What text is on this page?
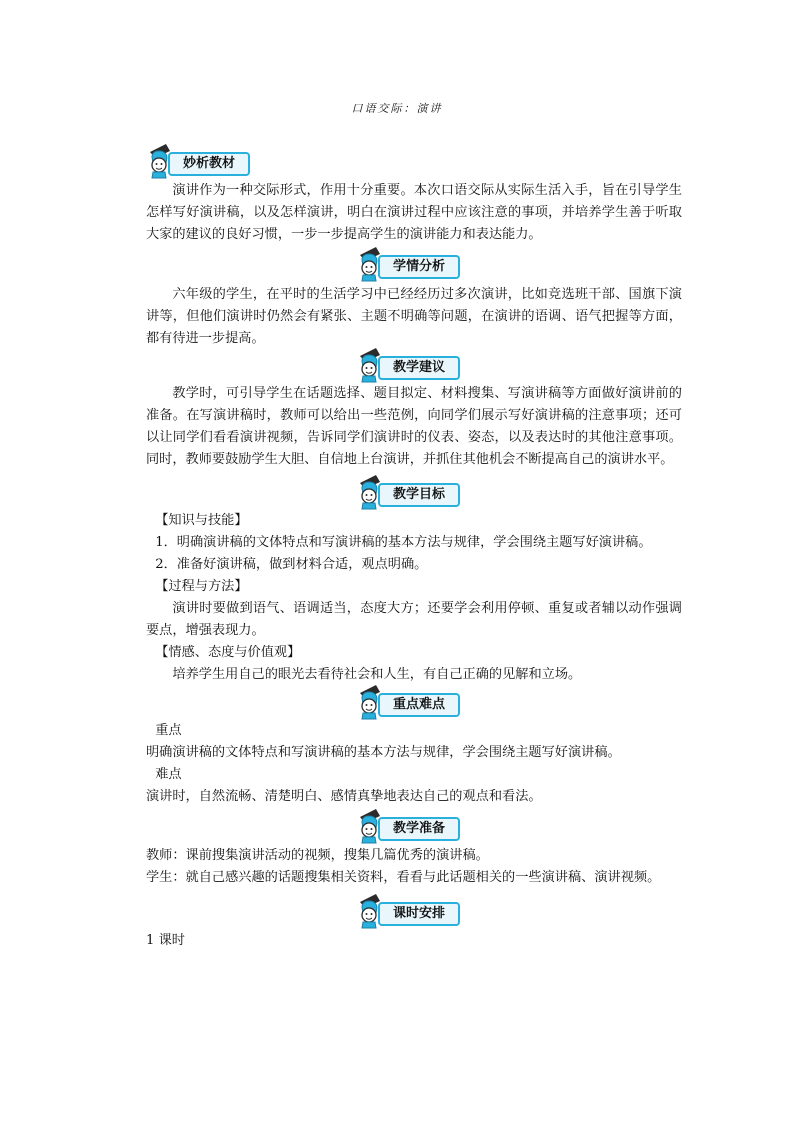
口语交际：演讲
妙析教材

演讲作为一种交际形式，作用十分重要。本次口语交际从实际生活入手，旨在引导学生怎样写好演讲稿，以及怎样演讲，明白在演讲过程中应该注意的事项，并培养学生善于听取大家的建议的良好习惯，一步一步提高学生的演讲能力和表达能力。

学情分析

六年级的学生，在平时的生活学习中已经经历过多次演讲，比如竞选班干部、国旗下演讲等，但他们演讲时仍然会有紧张、主题不明确等问题，在演讲的语调、语气把握等方面，都有待进一步提高。

教学建议

教学时，可引导学生在话题选择、题目拟定、材料搜集、写演讲稿等方面做好演讲前的准备。在写演讲稿时，教师可以给出一些范例，向同学们展示写好演讲稿的注意事项；还可以让同学们看看演讲视频，告诉同学们演讲时的仪表、姿态，以及表达时的其他注意事项。同时，教师要鼓励学生大胆、自信地上台演讲，并抓住其他机会不断提高自己的演讲水平。

教学目标

【知识与技能】

1．明确演讲稿的文体特点和写演讲稿的基本方法与规律，学会围绕主题写好演讲稿。

2．准备好演讲稿，做到材料合适，观点明确。

【过程与方法】

演讲时要做到语气、语调适当，态度大方；还要学会利用停顿、重复或者辅以动作强调要点，增强表现力。

【情感、态度与价值观】

培养学生用自己的眼光去看待社会和人生，有自己正确的见解和立场。

重点难点

重点

明确演讲稿的文体特点和写演讲稿的基本方法与规律，学会围绕主题写好演讲稿。

难点

演讲时，自然流畅、清楚明白、感情真挚地表达自己的观点和看法。

教学准备

教师：课前搜集演讲活动的视频，搜集几篇优秀的演讲稿。

学生：就自己感兴趣的话题搜集相关资料，看看与此话题相关的一些演讲稿、演讲视频。

课时安排

1 课时
